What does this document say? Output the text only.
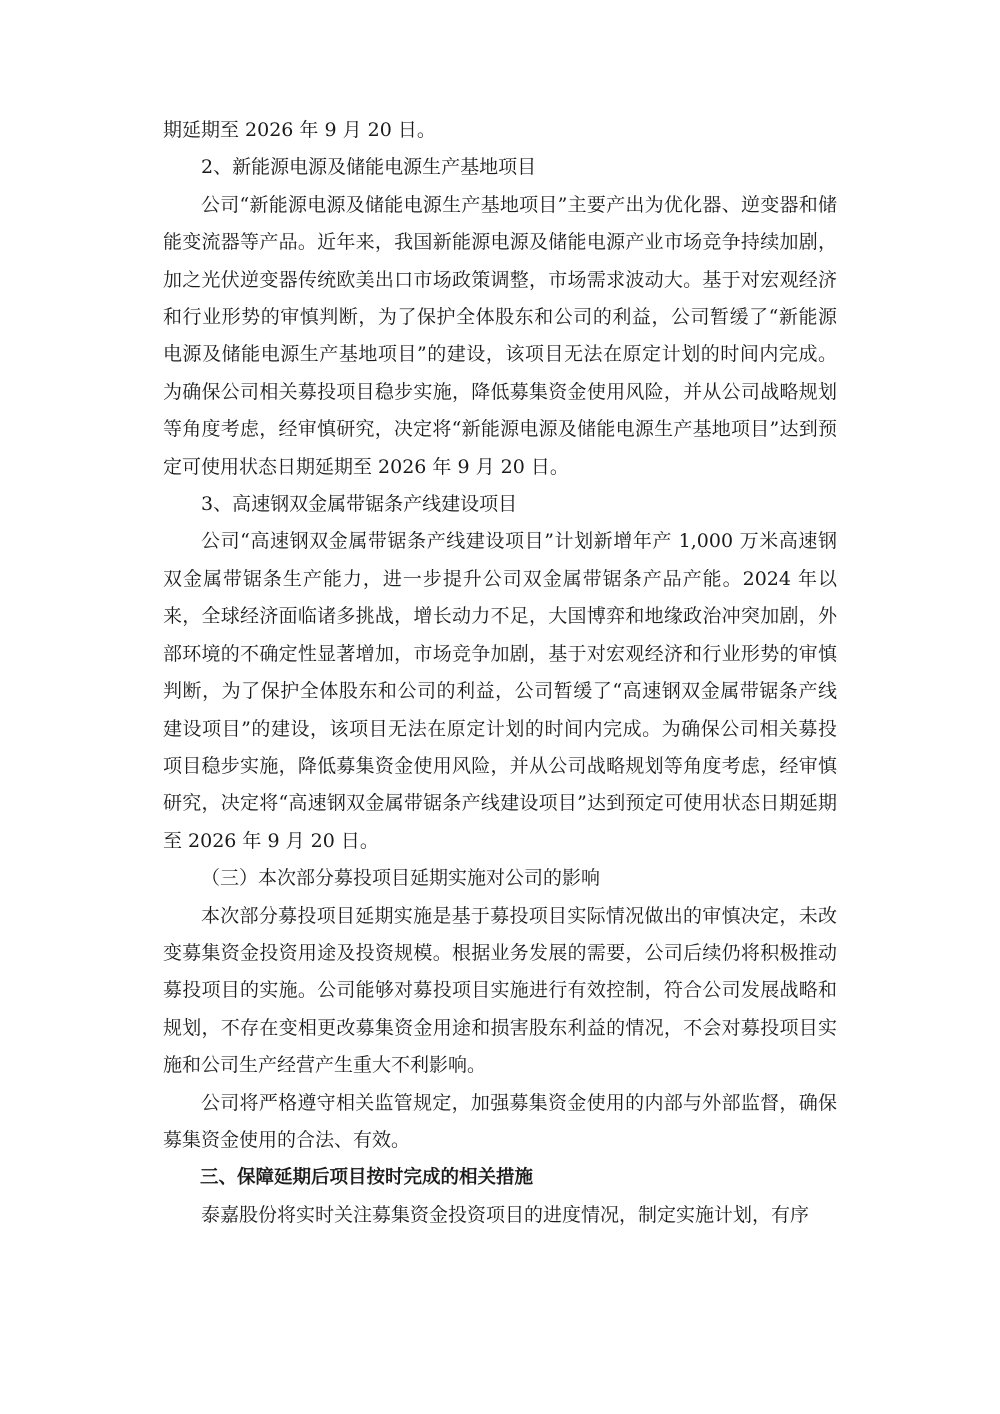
期延期至 2026 年 9 月 20 日。

2、新能源电源及储能电源生产基地项目

公司“新能源电源及储能电源生产基地项目”主要产出为优化器、逆变器和储能变流器等产品。近年来，我国新能源电源及储能电源产业市场竞争持续加剧，加之光伏逆变器传统欧美出口市场政策调整，市场需求波动大。基于对宏观经济和行业形势的审慎判断，为了保护全体股东和公司的利益，公司暂缓了“新能源电源及储能电源生产基地项目”的建设，该项目无法在原定计划的时间内完成。为确保公司相关募投项目稳步实施，降低募集资金使用风险，并从公司战略规划等角度考虑，经审慎研究，决定将“新能源电源及储能电源生产基地项目”达到预定可使用状态日期延期至 2026 年 9 月 20 日。

3、高速钢双金属带锯条产线建设项目

公司“高速钢双金属带锯条产线建设项目”计划新增年产 1,000 万米高速钢双金属带锯条生产能力，进一步提升公司双金属带锯条产品产能。2024 年以来，全球经济面临诸多挑战，增长动力不足，大国博弈和地缘政治冲突加剧，外部环境的不确定性显著增加，市场竞争加剧，基于对宏观经济和行业形势的审慎判断，为了保护全体股东和公司的利益，公司暂缓了“高速钢双金属带锯条产线建设项目”的建设，该项目无法在原定计划的时间内完成。为确保公司相关募投项目稳步实施，降低募集资金使用风险，并从公司战略规划等角度考虑，经审慎研究，决定将“高速钢双金属带锯条产线建设项目”达到预定可使用状态日期延期至 2026 年 9 月 20 日。

（三）本次部分募投项目延期实施对公司的影响

本次部分募投项目延期实施是基于募投项目实际情况做出的审慎决定，未改变募集资金投资用途及投资规模。根据业务发展的需要，公司后续仍将积极推动募投项目的实施。公司能够对募投项目实施进行有效控制，符合公司发展战略和规划，不存在变相更改募集资金用途和损害股东利益的情况，不会对募投项目实施和公司生产经营产生重大不利影响。

公司将严格遵守相关监管规定，加强募集资金使用的内部与外部监督，确保募集资金使用的合法、有效。

三、保障延期后项目按时完成的相关措施

泰嘉股份将实时关注募集资金投资项目的进度情况，制定实施计划，有序
